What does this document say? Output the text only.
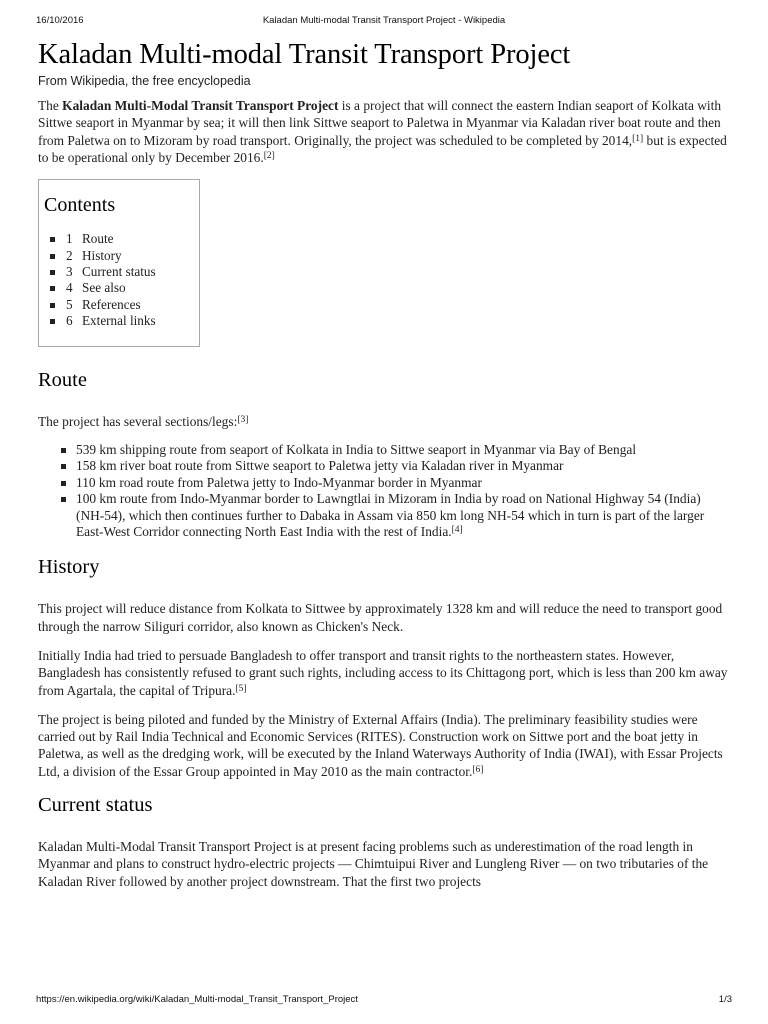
16/10/2016	Kaladan Multi-modal Transit Transport Project - Wikipedia
Kaladan Multi-modal Transit Transport Project
From Wikipedia, the free encyclopedia

The Kaladan Multi-Modal Transit Transport Project is a project that will connect the eastern Indian seaport of Kolkata with Sittwe seaport in Myanmar by sea; it will then link Sittwe seaport to Paletwa in Myanmar via Kaladan river boat route and then from Paletwa on to Mizoram by road transport. Originally, the project was scheduled to be completed by 2014,[1] but is expected to be operational only by December 2016.[2]

Contents
1 Route
2 History
3 Current status
4 See also
5 References
6 External links
Route

The project has several sections/legs:[3]

539 km shipping route from seaport of Kolkata in India to Sittwe seaport in Myanmar via Bay of Bengal
158 km river boat route from Sittwe seaport to Paletwa jetty via Kaladan river in Myanmar
110 km road route from Paletwa jetty to Indo-Myanmar border in Myanmar
100 km route from Indo-Myanmar border to Lawngtlai in Mizoram in India by road on National Highway 54 (India) (NH-54), which then continues further to Dabaka in Assam via 850 km long NH-54 which in turn is part of the larger East-West Corridor connecting North East India with the rest of India.[4]
History

This project will reduce distance from Kolkata to Sittwee by approximately 1328 km and will reduce the need to transport good through the narrow Siliguri corridor, also known as Chicken's Neck.

Initially India had tried to persuade Bangladesh to offer transport and transit rights to the northeastern states. However, Bangladesh has consistently refused to grant such rights, including access to its Chittagong port, which is less than 200 km away from Agartala, the capital of Tripura.[5]

The project is being piloted and funded by the Ministry of External Affairs (India). The preliminary feasibility studies were carried out by Rail India Technical and Economic Services (RITES). Construction work on Sittwe port and the boat jetty in Paletwa, as well as the dredging work, will be executed by the Inland Waterways Authority of India (IWAI), with Essar Projects Ltd, a division of the Essar Group appointed in May 2010 as the main contractor.[6]

Current status

Kaladan Multi-Modal Transit Transport Project is at present facing problems such as underestimation of the road length in Myanmar and plans to construct hydro-electric projects — Chimtuipui River and Lungleng River — on two tributaries of the Kaladan River followed by another project downstream. That the first two projects

https://en.wikipedia.org/wiki/Kaladan_Multi-modal_Transit_Transport_Project	1/3
